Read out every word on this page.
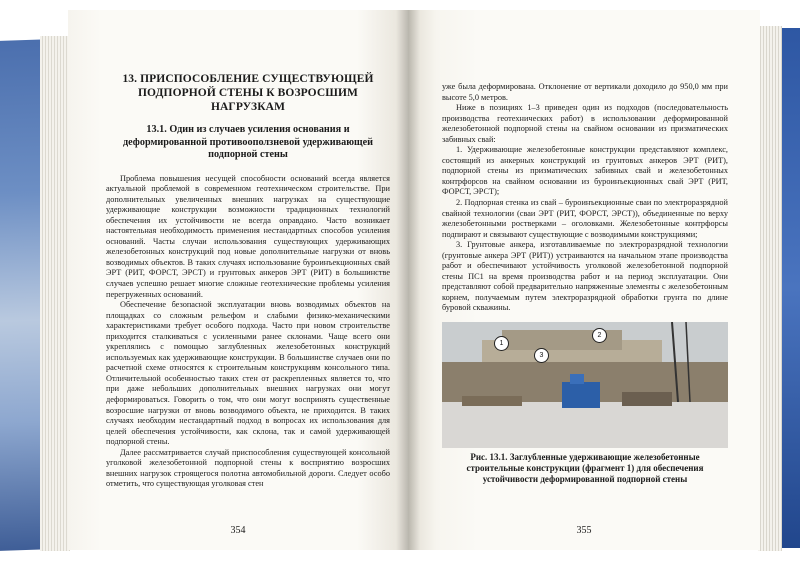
13. ПРИСПОСОБЛЕНИЕ СУЩЕСТВУЮЩЕЙ ПОДПОРНОЙ СТЕНЫ К ВОЗРОСШИМ НАГРУЗКАМ
13.1. Один из случаев усиления основания и деформированной противооползневой удерживающей подпорной стены

Проблема повышения несущей способности оснований всегда является актуальной проблемой в современном геотехническом строительстве. При дополнительных увеличенных внешних нагрузках на существующие удерживающие конструкции возможности традиционных технологий обеспечения их устойчивости не всегда оправдано. Часто возникает настоятельная необходимость применения нестандартных способов усиления оснований. Часты случаи использования существующих удерживающих железобетонных конструкций под новые дополнительные нагрузки от вновь возводимых объектов. В таких случаях использование буроинъекционных свай ЭРТ (РИТ, ФОРСТ, ЭРСТ) и грунтовых анкеров ЭРТ (РИТ) в большинстве случаев успешно решает многие сложные геотехнические проблемы усиления перегруженных оснований.

Обеспечение безопасной эксплуатации вновь возводимых объектов на площадках со сложным рельефом и слабыми физико-механическими характеристиками требует особого подхода. Часто при новом строительстве приходится сталкиваться с усиленными ранее склонами. Чаще всего они укреплялись с помощью заглубленных железобетонных конструкций используемых как удерживающие конструкции. В большинстве случаев они по расчетной схеме относятся к строительным конструкциям консольного типа. Отличительной особенностью таких стен от раскрепленных является то, что при даже небольших дополнительных внешних нагрузках они могут деформироваться. Говорить о том, что они могут воспринять существенные возросшие нагрузки от вновь возводимого объекта, не приходится. В таких случаях необходим нестандартный подход в вопросах их использования для целей обеспечения устойчивости, как склона, так и самой удерживающей подпорной стены.

Далее рассматривается случай приспособления существующей консольной уголковой железобетонной подпорной стены к восприятию возросших внешних нагрузок строящегося полотна автомобильной дороги. Следует особо отметить, что существующая уголковая стен

354

уже была деформирована. Отклонение от вертикали доходило до 950,0 мм при высоте 5,0 метров.

Ниже в позициях 1–3 приведен один из подходов (последовательность производства геотехнических работ) в использовании деформированной железобетонной подпорной стены на свайном основании из призматических забивных свай:

1. Удерживающие железобетонные конструкции представляют комплекс, состоящий из анкерных конструкций из грунтовых анкеров ЭРТ (РИТ), подпорной стены из призматических забивных свай и железобетонных контрфорсов на свайном основании из буроинъекционных свай ЭРТ (РИТ, ФОРСТ, ЭРСТ);

2. Подпорная стенка из свай – буроинъекционные сваи по электроразрядной свайной технологии (сваи ЭРТ (РИТ, ФОРСТ, ЭРСТ)), объединенные по верху железобетонными ростверками – оголовками. Железобетонные контрфорсы подпирают и связывают существующие с возводимыми конструкциями;

3. Грунтовые анкера, изготавливаемые по электроразрядной технологии (грунтовые анкера ЭРТ (РИТ)) устраиваются на начальном этапе производства работ и обеспечивают устойчивость уголковой железобетонной подпорной стены ПС1 на время производства работ и на период эксплуатации. Они представляют собой предварительно напряженные элементы с железобетонным корнем, получаемым путем электроразрядной обработки грунта по длине буровой скважины.

1
2
3
Рис. 13.1. Заглубленные удерживающие железобетонные строительные конструкции (фрагмент 1) для обеспечения устойчивости деформированной подпорной стены
355
